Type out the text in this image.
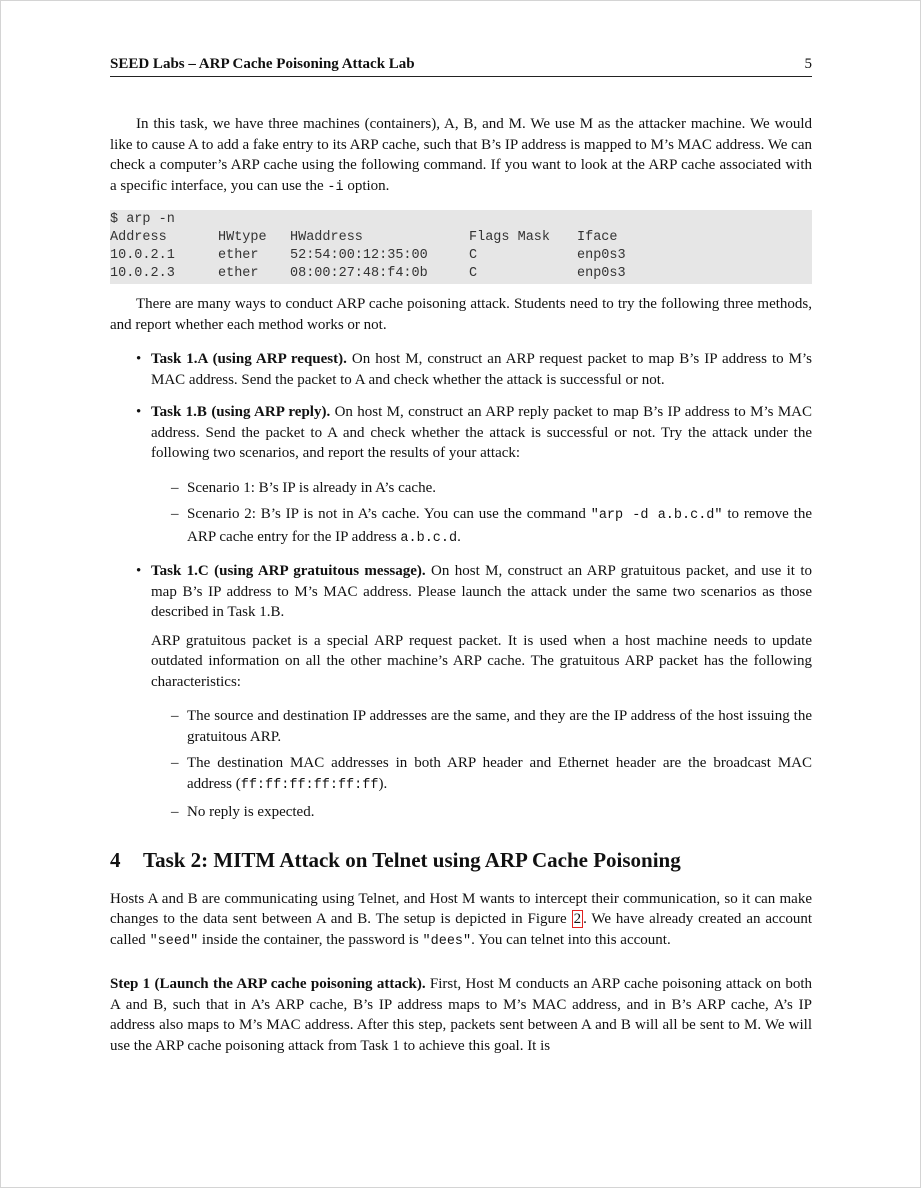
SEED Labs – ARP Cache Poisoning Attack Lab	5

In this task, we have three machines (containers), A, B, and M. We use M as the attacker machine. We would like to cause A to add a fake entry to its ARP cache, such that B’s IP address is mapped to M’s MAC address. We can check a computer’s ARP cache using the following command. If you want to look at the ARP cache associated with a specific interface, you can use the -i option.

$ arp -n
Address	HWtype	HWaddress	Flags Mask	Iface
10.0.2.1	ether	52:54:00:12:35:00	C	enp0s3
10.0.2.3	ether	08:00:27:48:f4:0b	C	enp0s3

There are many ways to conduct ARP cache poisoning attack. Students need to try the following three methods, and report whether each method works or not.

• Task 1.A (using ARP request). On host M, construct an ARP request packet to map B’s IP address to M’s MAC address. Send the packet to A and check whether the attack is successful or not.

• Task 1.B (using ARP reply). On host M, construct an ARP reply packet to map B’s IP address to M’s MAC address. Send the packet to A and check whether the attack is successful or not. Try the attack under the following two scenarios, and report the results of your attack:

– Scenario 1: B’s IP is already in A’s cache.

– Scenario 2: B’s IP is not in A’s cache. You can use the command "arp -d a.b.c.d" to remove the ARP cache entry for the IP address a.b.c.d.

• Task 1.C (using ARP gratuitous message). On host M, construct an ARP gratuitous packet, and use it to map B’s IP address to M’s MAC address. Please launch the attack under the same two scenarios as those described in Task 1.B.

ARP gratuitous packet is a special ARP request packet. It is used when a host machine needs to update outdated information on all the other machine’s ARP cache. The gratuitous ARP packet has the following characteristics:

– The source and destination IP addresses are the same, and they are the IP address of the host issuing the gratuitous ARP.

– The destination MAC addresses in both ARP header and Ethernet header are the broadcast MAC address (ff:ff:ff:ff:ff:ff).

– No reply is expected.

4 Task 2: MITM Attack on Telnet using ARP Cache Poisoning

Hosts A and B are communicating using Telnet, and Host M wants to intercept their communication, so it can make changes to the data sent between A and B. The setup is depicted in Figure 2 . We have already created an account called "seed" inside the container, the password is "dees". You can telnet into this account.

Step 1 (Launch the ARP cache poisoning attack). First, Host M conducts an ARP cache poisoning attack on both A and B, such that in A’s ARP cache, B’s IP address maps to M’s MAC address, and in B’s ARP cache, A’s IP address also maps to M’s MAC address. After this step, packets sent between A and B will all be sent to M. We will use the ARP cache poisoning attack from Task 1 to achieve this goal. It is
